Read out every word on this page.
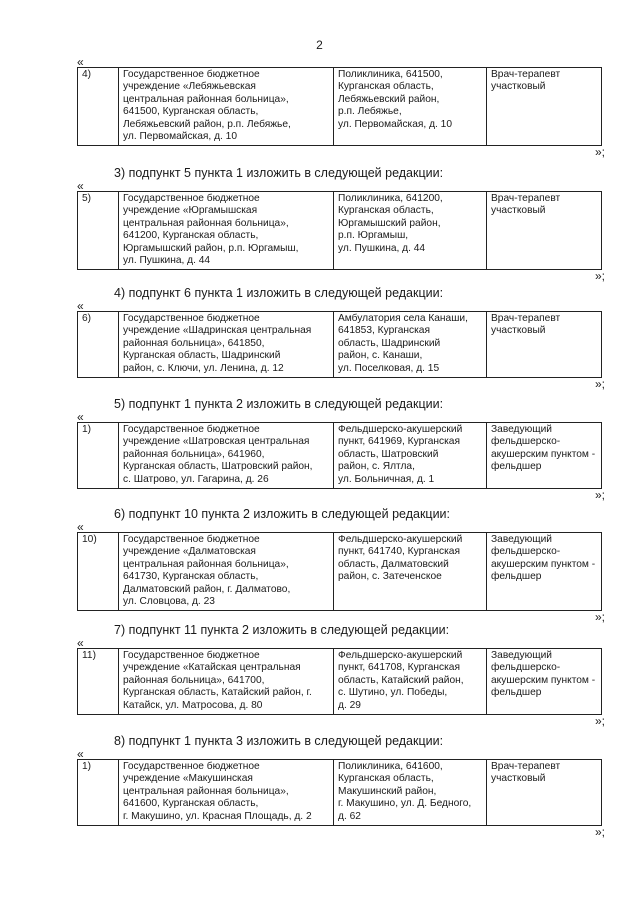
2
«
4)	Государственное бюджетное
учреждение «Лебяжьевская
центральная районная больница»,
641500, Курганская область,
Лебяжьевский район, р.п. Лебяжье,
ул. Первомайская, д. 10

Поликлиника, 641500,
Курганская область,
Лебяжьевский район,
р.п. Лебяжье,
ул. Первомайская, д. 10

Врач-терапевт
участковый
»;
3) подпункт 5 пункта 1 изложить в следующей редакции:
«
5)	Государственное бюджетное
учреждение «Юргамышская
центральная районная больница»,
641200, Курганская область,
Юргамышский район, р.п. Юргамыш,
ул. Пушкина, д. 44

Поликлиника, 641200,
Курганская область,
Юргамышский район,
р.п. Юргамыш,
ул. Пушкина, д. 44

Врач-терапевт
участковый
»;
4) подпункт 6 пункта 1 изложить в следующей редакции:
«
6)	Государственное бюджетное
учреждение «Шадринская центральная
районная больница», 641850,
Курганская область, Шадринский
район, с. Ключи, ул. Ленина, д. 12

Амбулатория села Канаши,
641853, Курганская
область, Шадринский
район, с. Канаши,
ул. Поселковая, д. 15

Врач-терапевт
участковый
»;
5) подпункт 1 пункта 2 изложить в следующей редакции:
«
1)	Государственное бюджетное
учреждение «Шатровская центральная
районная больница», 641960,
Курганская область, Шатровский район,
с. Шатрово, ул. Гагарина, д. 26

Фельдшерско-акушерский
пункт, 641969, Курганская
область, Шатровский
район, с. Ялтла,
ул. Больничная, д. 1

Заведующий
фельдшерско-
акушерским пунктом -
фельдшер
»;
6) подпункт 10 пункта 2 изложить в следующей редакции:
«
10)	Государственное бюджетное
учреждение «Далматовская
центральная районная больница»,
641730, Курганская область,
Далматовский район, г. Далматово,
ул. Словцова, д. 23

Фельдшерско-акушерский
пункт, 641740, Курганская
область, Далматовский
район, с. Затеченское

Заведующий
фельдшерско-
акушерским пунктом -
фельдшер
»;
7) подпункт 11 пункта 2 изложить в следующей редакции:
«
11)	Государственное бюджетное
учреждение «Катайская центральная
районная больница», 641700,
Курганская область, Катайский район, г.
Катайск, ул. Матросова, д. 80

Фельдшерско-акушерский
пункт, 641708, Курганская
область, Катайский район,
с. Шутино, ул. Победы,
д. 29

Заведующий
фельдшерско-
акушерским пунктом -
фельдшер
»;
8) подпункт 1 пункта 3 изложить в следующей редакции:
«
1)	Государственное бюджетное
учреждение «Макушинская
центральная районная больница»,
641600, Курганская область,
г. Макушино, ул. Красная Площадь, д. 2

Поликлиника, 641600,
Курганская область,
Макушинский район,
г. Макушино, ул. Д. Бедного,
д. 62

Врач-терапевт
участковый
»;
